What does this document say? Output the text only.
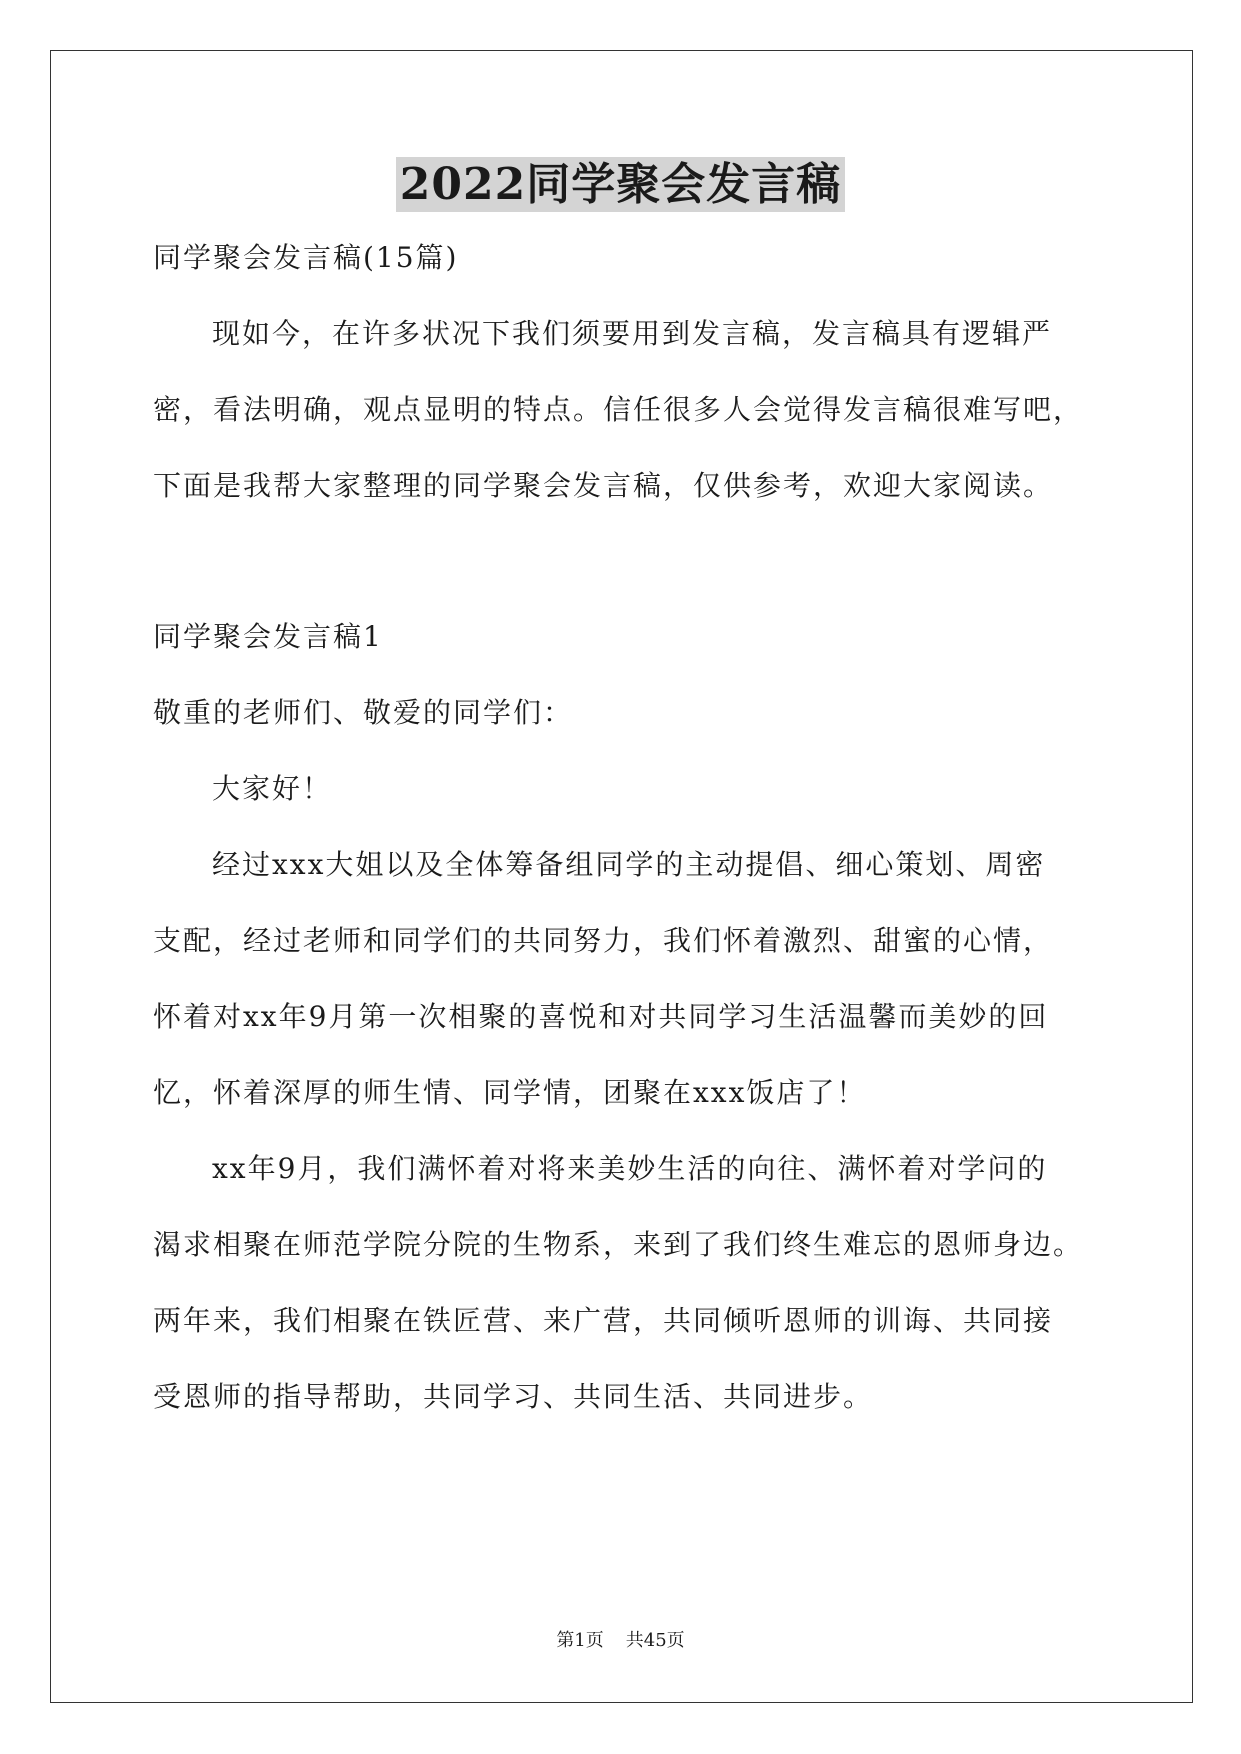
2022同学聚会发言稿
同学聚会发言稿(15篇)
现如今，在许多状况下我们须要用到发言稿，发言稿具有逻辑严
密，看法明确，观点显明的特点。信任很多人会觉得发言稿很难写吧，
下面是我帮大家整理的同学聚会发言稿，仅供参考，欢迎大家阅读。
同学聚会发言稿1
敬重的老师们、敬爱的同学们：
大家好！
经过xxx大姐以及全体筹备组同学的主动提倡、细心策划、周密
支配，经过老师和同学们的共同努力，我们怀着激烈、甜蜜的心情，
怀着对xx年9月第一次相聚的喜悦和对共同学习生活温馨而美妙的回
忆，怀着深厚的师生情、同学情，团聚在xxx饭店了！
xx年9月，我们满怀着对将来美妙生活的向往、满怀着对学问的
渴求相聚在师范学院分院的生物系，来到了我们终生难忘的恩师身边。
两年来，我们相聚在铁匠营、来广营，共同倾听恩师的训诲、共同接
受恩师的指导帮助，共同学习、共同生活、共同进步。
第1页 共45页
